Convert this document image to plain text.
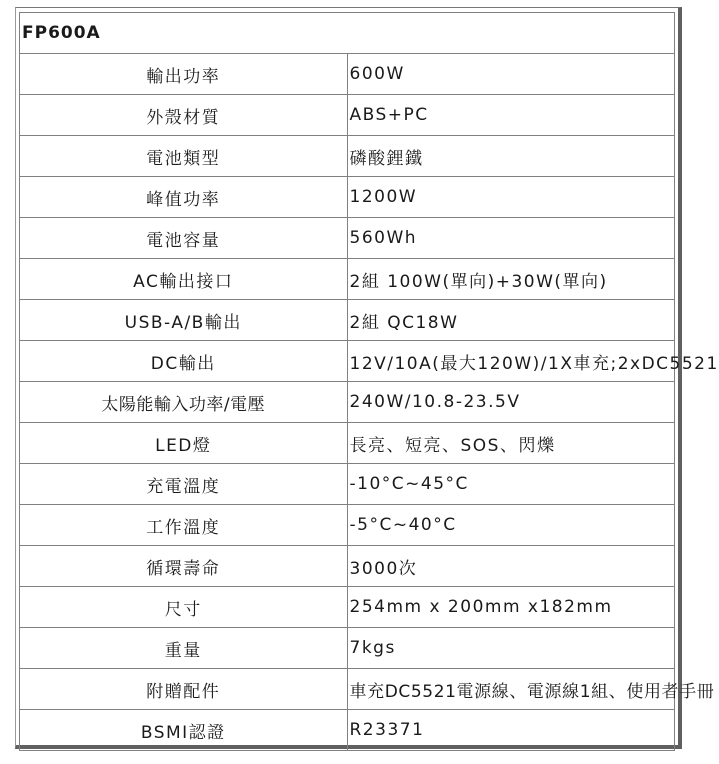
FP600A	
輸出功率	600W
外殼材質	ABS+PC
電池類型	磷酸鋰鐵
峰值功率	1200W
電池容量	560Wh
AC輸出接口	2組 100W(單向)+30W(單向)
USB-A/B輸出	2組 QC18W
DC輸出	12V/10A(最大120W)/1X車充;2xDC5521
太陽能輸入功率/電壓	240W/10.8-23.5V
LED燈	長亮、短亮、SOS、閃爍
充電溫度	-10°C~45°C
工作溫度	-5°C~40°C
循環壽命	3000次
尺寸	254mm x 200mm x182mm
重量	7kgs
附贈配件	車充DC5521電源線、電源線1組、使用者手冊
BSMI認證	R23371
